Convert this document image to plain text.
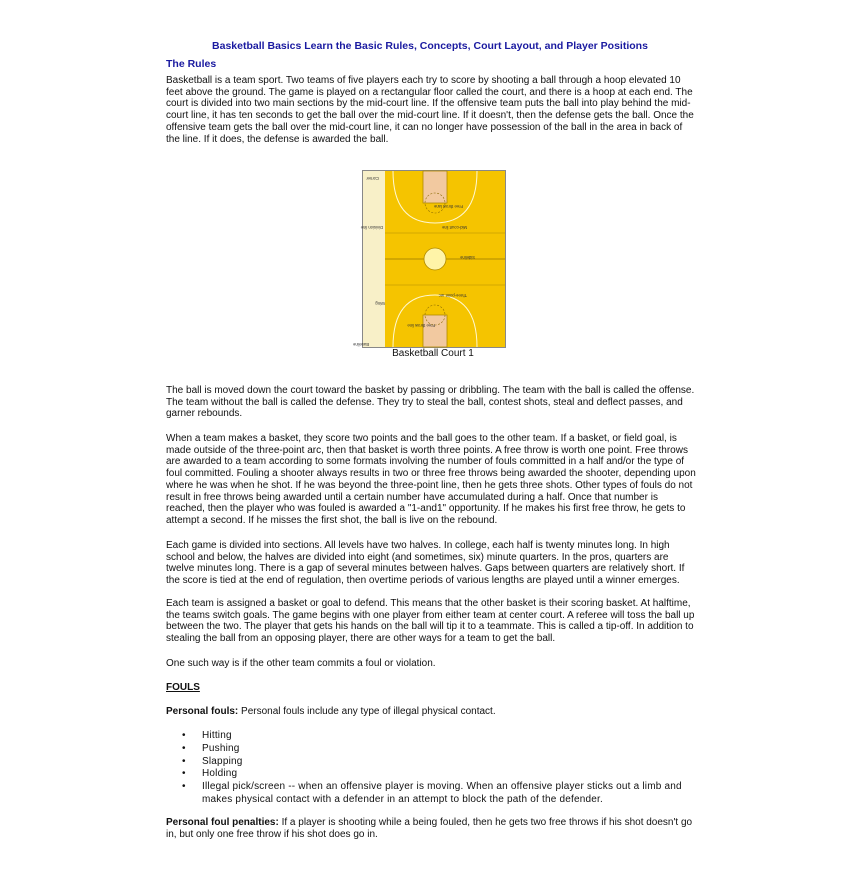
Basketball Basics Learn the Basic Rules, Concepts, Court Layout, and Player Positions
The Rules

Basketball is a team sport. Two teams of five players each try to score by shooting a ball through a hoop elevated 10 feet above the ground. The game is played on a rectangular floor called the court, and there is a hoop at each end. The court is divided into two main sections by the mid-court line. If the offensive team puts the ball into play behind the mid-court line, it has ten seconds to get the ball over the mid-court line. If it doesn't, then the defense gets the ball. Once the offensive team gets the ball over the mid-court line, it can no longer have possession of the ball in the area in back of the line. If it does, the defense is awarded the ball.

Corner
Free throw lane
Division line	Mid-court line
Sideline
Wing
Three-point arc
Free throw line
Baseline
Basketball Court 1

The ball is moved down the court toward the basket by passing or dribbling. The team with the ball is called the offense. The team without the ball is called the defense. They try to steal the ball, contest shots, steal and deflect passes, and garner rebounds.

When a team makes a basket, they score two points and the ball goes to the other team. If a basket, or field goal, is made outside of the three-point arc, then that basket is worth three points. A free throw is worth one point. Free throws are awarded to a team according to some formats involving the number of fouls committed in a half and/or the type of foul committed. Fouling a shooter always results in two or three free throws being awarded the shooter, depending upon where he was when he shot. If he was beyond the three-point line, then he gets three shots. Other types of fouls do not result in free throws being awarded until a certain number have accumulated during a half. Once that number is reached, then the player who was fouled is awarded a "1-and1" opportunity. If he makes his first free throw, he gets to attempt a second. If he misses the first shot, the ball is live on the rebound.

Each game is divided into sections. All levels have two halves. In college, each half is twenty minutes long. In high school and below, the halves are divided into eight (and sometimes, six) minute quarters. In the pros, quarters are twelve minutes long. There is a gap of several minutes between halves. Gaps between quarters are relatively short. If the score is tied at the end of regulation, then overtime periods of various lengths are played until a winner emerges.

Each team is assigned a basket or goal to defend. This means that the other basket is their scoring basket. At halftime, the teams switch goals. The game begins with one player from either team at center court. A referee will toss the ball up between the two. The player that gets his hands on the ball will tip it to a teammate. This is called a tip-off. In addition to stealing the ball from an opposing player, there are other ways for a team to get the ball.

One such way is if the other team commits a foul or violation.

FOULS

Personal fouls: Personal fouls include any type of illegal physical contact.

• Hitting
• Pushing
• Slapping
• Holding
• Illegal pick/screen -- when an offensive player is moving. When an offensive player sticks out a limb and makes physical contact with a defender in an attempt to block the path of the defender.

Personal foul penalties: If a player is shooting while a being fouled, then he gets two free throws if his shot doesn't go in, but only one free throw if his shot does go in.
